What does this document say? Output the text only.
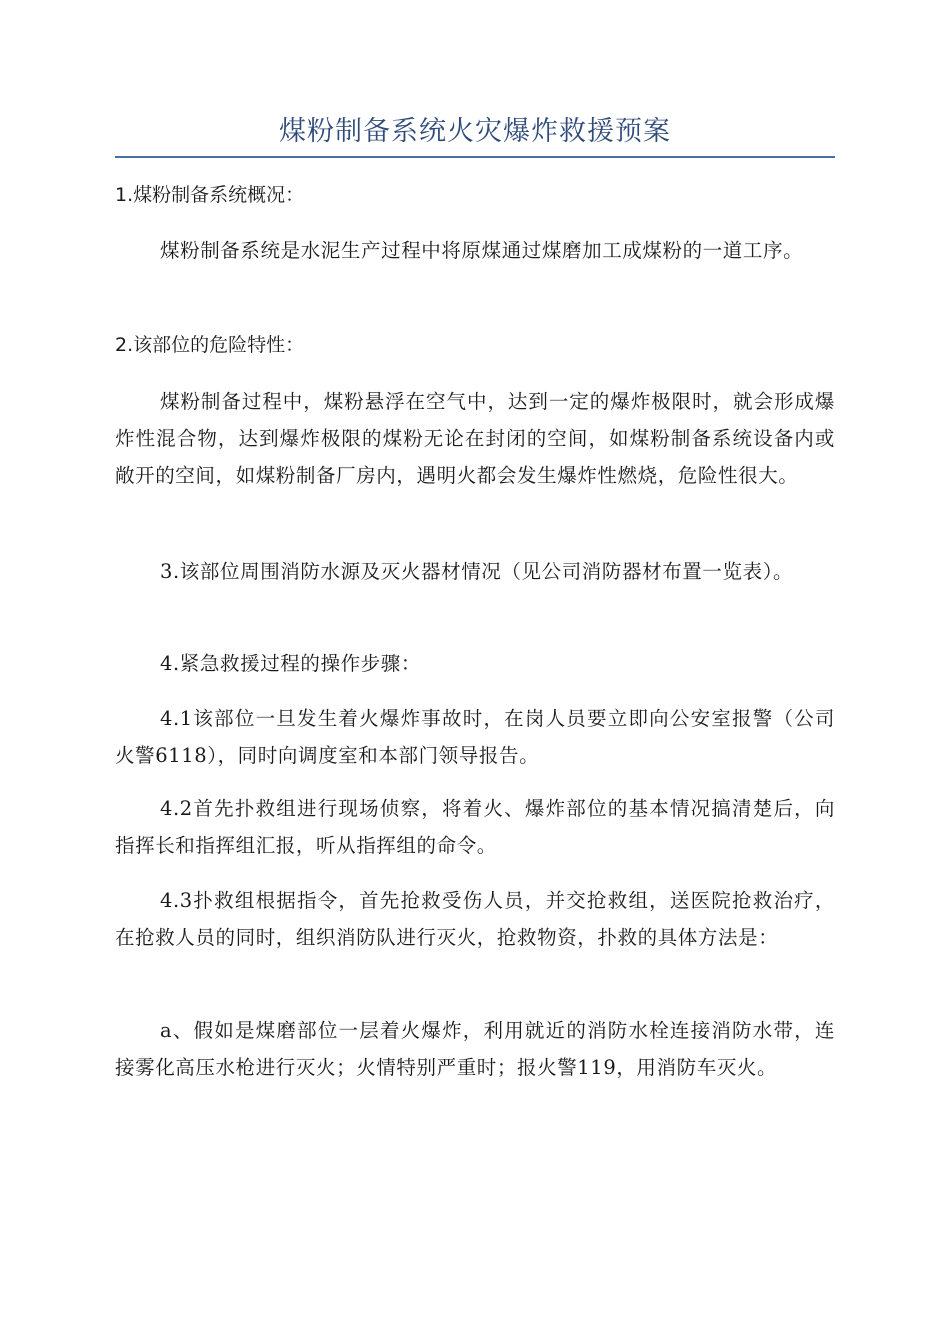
煤粉制备系统火灾爆炸救援预案
1.煤粉制备系统概况：
煤粉制备系统是水泥生产过程中将原煤通过煤磨加工成煤粉的一道工序。
2.该部位的危险特性：
煤粉制备过程中，煤粉悬浮在空气中，达到一定的爆炸极限时，就会形成爆炸性混合物，达到爆炸极限的煤粉无论在封闭的空间，如煤粉制备系统设备内或敞开的空间，如煤粉制备厂房内，遇明火都会发生爆炸性燃烧，危险性很大。
3.该部位周围消防水源及灭火器材情况（见公司消防器材布置一览表）。
4.紧急救援过程的操作步骤：
4.1该部位一旦发生着火爆炸事故时，在岗人员要立即向公安室报警（公司火警6118），同时向调度室和本部门领导报告。
4.2首先扑救组进行现场侦察，将着火、爆炸部位的基本情况搞清楚后，向指挥长和指挥组汇报，听从指挥组的命令。
4.3扑救组根据指令，首先抢救受伤人员，并交抢救组，送医院抢救治疗，在抢救人员的同时，组织消防队进行灭火，抢救物资，扑救的具体方法是：
a、假如是煤磨部位一层着火爆炸，利用就近的消防水栓连接消防水带，连接雾化高压水枪进行灭火；火情特别严重时；报火警119，用消防车灭火。
